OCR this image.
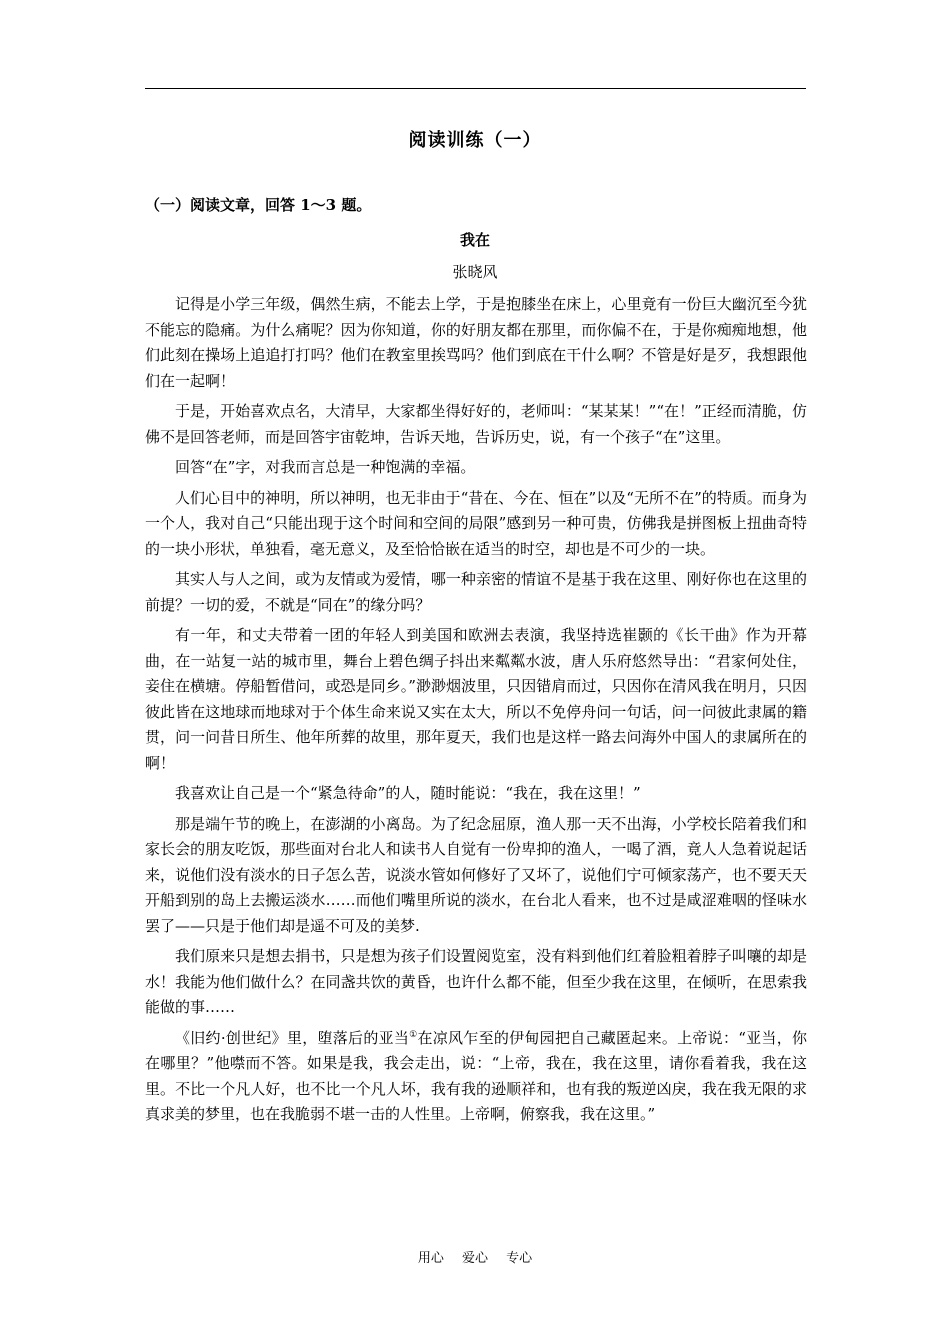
阅读训练（一）
（一）阅读文章，回答 1～3 题。
我在
张晓风

记得是小学三年级，偶然生病，不能去上学，于是抱膝坐在床上，心里竟有一份巨大幽沉至今犹不能忘的隐痛。为什么痛呢？因为你知道，你的好朋友都在那里，而你偏不在，于是你痴痴地想，他们此刻在操场上追追打打吗？他们在教室里挨骂吗？他们到底在干什么啊？不管是好是歹，我想跟他们在一起啊！

于是，开始喜欢点名，大清早，大家都坐得好好的，老师叫：“某某某！”“在！”正经而清脆，仿佛不是回答老师，而是回答宇宙乾坤，告诉天地，告诉历史，说，有一个孩子“在”这里。

回答“在”字，对我而言总是一种饱满的幸福。

人们心目中的神明，所以神明，也无非由于“昔在、今在、恒在”以及“无所不在”的特质。而身为一个人，我对自己“只能出现于这个时间和空间的局限”感到另一种可贵，仿佛我是拼图板上扭曲奇特的一块小形状，单独看，毫无意义，及至恰恰嵌在适当的时空，却也是不可少的一块。

其实人与人之间，或为友情或为爱情，哪一种亲密的情谊不是基于我在这里、刚好你也在这里的前提？一切的爱，不就是“同在”的缘分吗？

有一年，和丈夫带着一团的年轻人到美国和欧洲去表演，我坚持选崔颢的《长干曲》作为开幕曲，在一站复一站的城市里，舞台上碧色绸子抖出来粼粼水波，唐人乐府悠然导出：“君家何处住，妾住在横塘。停船暂借问，或恐是同乡。”渺渺烟波里，只因错肩而过，只因你在清风我在明月，只因彼此皆在这地球而地球对于个体生命来说又实在太大，所以不免停舟问一句话，问一问彼此隶属的籍贯，问一问昔日所生、他年所葬的故里，那年夏天，我们也是这样一路去问海外中国人的隶属所在的啊！

我喜欢让自己是一个“紧急待命”的人，随时能说：“我在，我在这里！”

那是端午节的晚上，在澎湖的小离岛。为了纪念屈原，渔人那一天不出海，小学校长陪着我们和家长会的朋友吃饭，那些面对台北人和读书人自觉有一份卑抑的渔人，一喝了酒，竟人人急着说起话来，说他们没有淡水的日子怎么苦，说淡水管如何修好了又坏了，说他们宁可倾家荡产，也不要天天开船到别的岛上去搬运淡水……而他们嘴里所说的淡水，在台北人看来，也不过是咸涩难咽的怪味水罢了——只是于他们却是遥不可及的美梦.

我们原来只是想去捐书，只是想为孩子们设置阅览室，没有料到他们红着脸粗着脖子叫嚷的却是水！我能为他们做什么？在同盏共饮的黄昏，也许什么都不能，但至少我在这里，在倾听，在思索我能做的事……

《旧约·创世纪》里，堕落后的亚当①在凉风乍至的伊甸园把自己藏匿起来。上帝说：“亚当，你在哪里？”他噤而不答。如果是我，我会走出，说：“上帝，我在，我在这里，请你看着我，我在这里。不比一个凡人好，也不比一个凡人坏，我有我的逊顺祥和，也有我的叛逆凶戾，我在我无限的求真求美的梦里，也在我脆弱不堪一击的人性里。上帝啊，俯察我，我在这里。”

用心 爱心 专心
